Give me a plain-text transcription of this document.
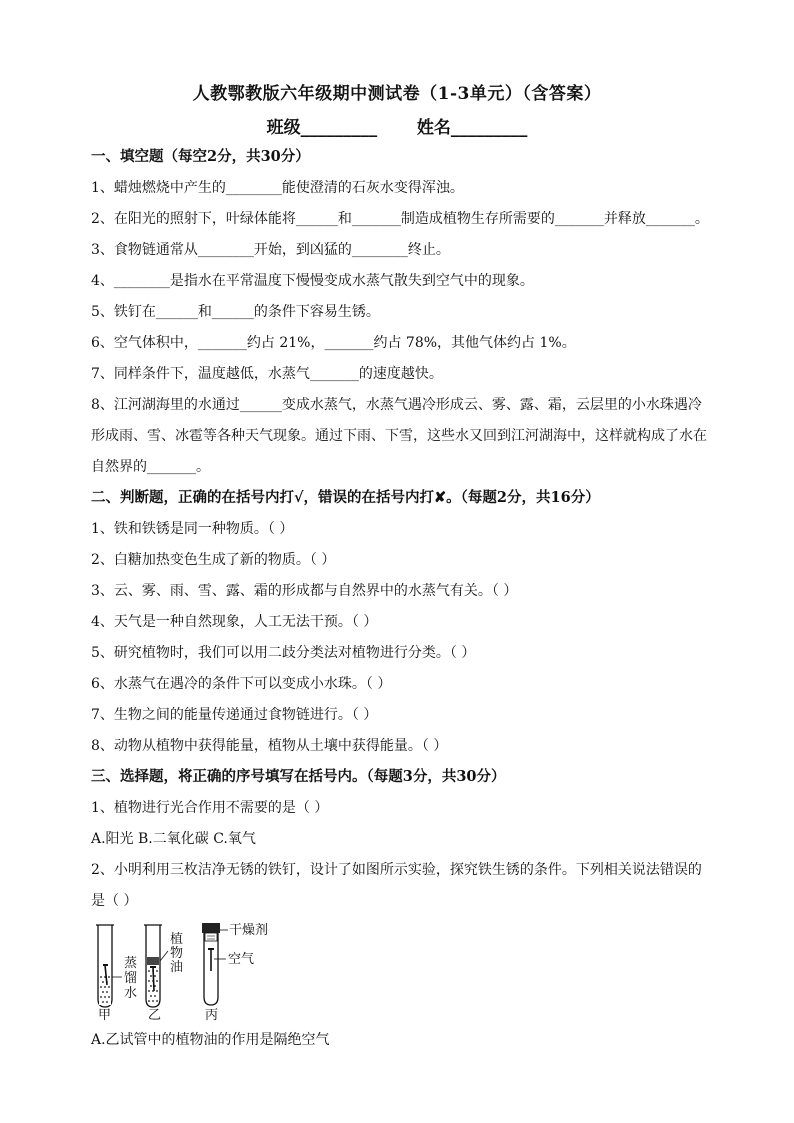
人教鄂教版六年级期中测试卷（1-3单元）（含答案）
班级_________ 姓名_________
一、填空题（每空2分，共30分）
1、蜡烛燃烧中产生的________能使澄清的石灰水变得浑浊。
2、在阳光的照射下，叶绿体能将______和_______制造成植物生存所需要的_______并释放_______。
3、食物链通常从________开始，到凶猛的________终止。
4、________是指水在平常温度下慢慢变成水蒸气散失到空气中的现象。
5、铁钉在______和______的条件下容易生锈。
6、空气体积中，_______约占 21%，_______约占 78%，其他气体约占 1%。
7、同样条件下，温度越低，水蒸气_______的速度越快。
8、江河湖海里的水通过______变成水蒸气，水蒸气遇冷形成云、雾、露、霜，云层里的小水珠遇冷
形成雨、雪、冰雹等各种天气现象。通过下雨、下雪，这些水又回到江河湖海中，这样就构成了水在
自然界的_______。
二、判断题，正确的在括号内打√，错误的在括号内打✘。（每题2分，共16分）
1、铁和铁锈是同一种物质。（ ）
2、白糖加热变色生成了新的物质。（ ）
3、云、雾、雨、雪、露、霜的形成都与自然界中的水蒸气有关。（ ）
4、天气是一种自然现象，人工无法干预。（ ）
5、研究植物时，我们可以用二歧分类法对植物进行分类。（ ）
6、水蒸气在遇冷的条件下可以变成小水珠。（ ）
7、生物之间的能量传递通过食物链进行。（ ）
8、动物从植物中获得能量，植物从土壤中获得能量。（ ）
三、选择题，将正确的序号填写在括号内。（每题3分，共30分）
1、植物进行光合作用不需要的是（ ）
A.阳光 B.二氧化碳 C.氧气
2、小明利用三枚洁净无锈的铁钉，设计了如图所示实验，探究铁生锈的条件。下列相关说法错误的
是（ ）
蒸
馏
水
甲
植
物
油
乙
干燥剂
空气
丙
A.乙试管中的植物油的作用是隔绝空气
